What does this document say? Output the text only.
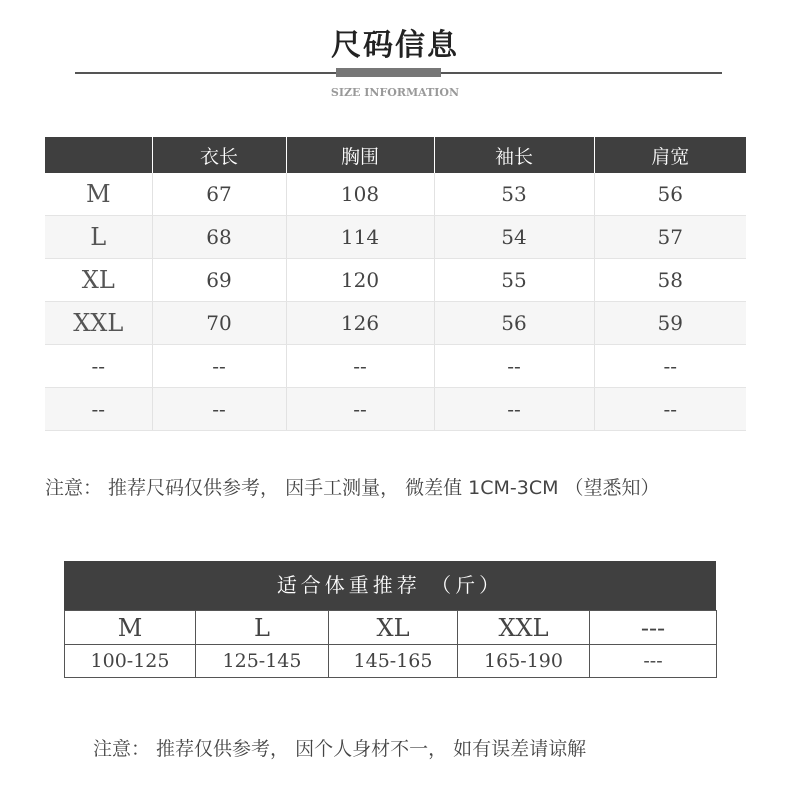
尺码信息
SIZE INFORMATION
	衣长	胸围	袖长	肩宽
M	67	108	53	56
L	68	114	54	57
XL	69	120	55	58
XXL	70	126	56	59
--	--	--	--	--
--	--	--	--	--
注意： 推荐尺码仅供参考， 因手工测量， 微差值 1CM-3CM （望悉知）
适合体重推荐 （斤）
M	L	XL	XXL	---
100-125	125-145	145-165	165-190	---
注意： 推荐仅供参考， 因个人身材不一， 如有误差请谅解
